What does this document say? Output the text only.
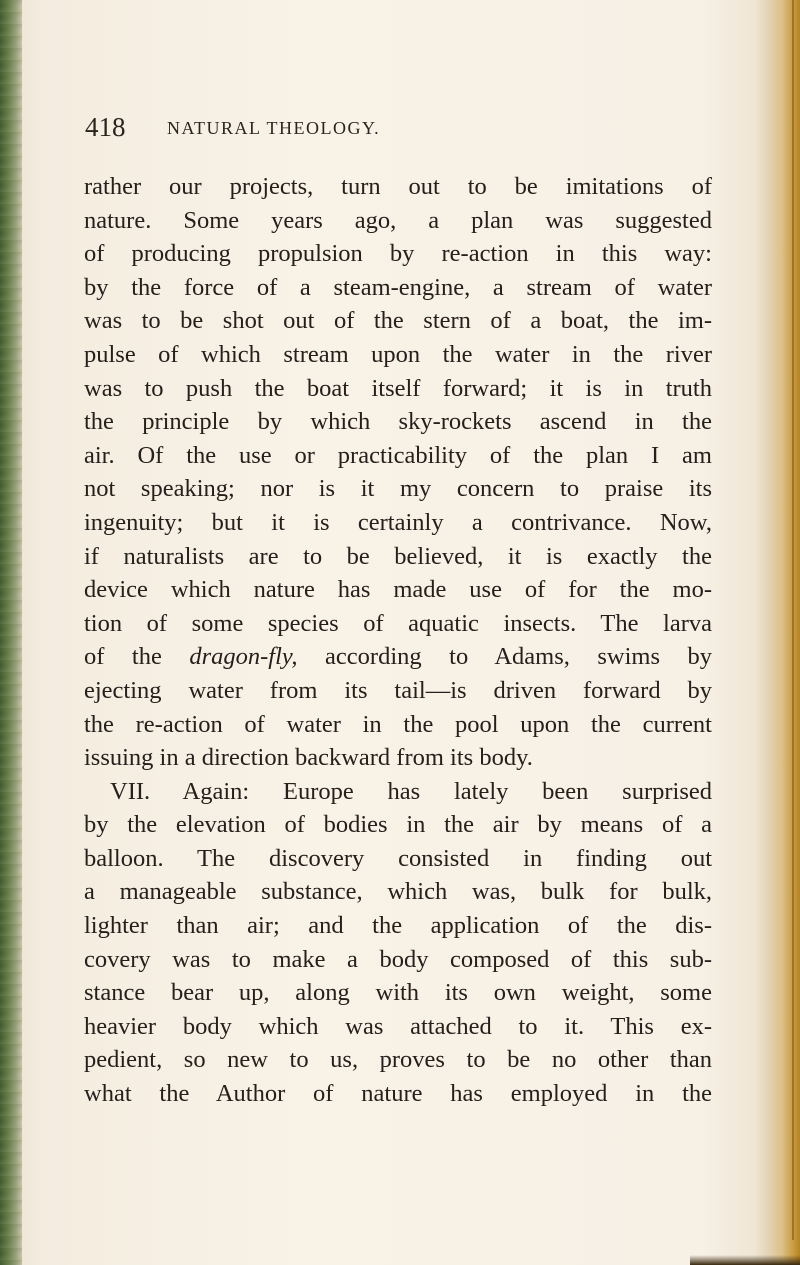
418 NATURAL THEOLOGY.
rather our projects, turn out to be imitations of
nature. Some years ago, a plan was suggested
of producing propulsion by re-action in this way:
by the force of a steam-engine, a stream of water
was to be shot out of the stern of a boat, the im-
pulse of which stream upon the water in the river
was to push the boat itself forward; it is in truth
the principle by which sky-rockets ascend in the
air. Of the use or practicability of the plan I am
not speaking; nor is it my concern to praise its
ingenuity; but it is certainly a contrivance. Now,
if naturalists are to be believed, it is exactly the
device which nature has made use of for the mo-
tion of some species of aquatic insects. The larva
of the dragon-fly, according to Adams, swims by
ejecting water from its tail—is driven forward by
the re-action of water in the pool upon the current
issuing in a direction backward from its body.
VII. Again: Europe has lately been surprised
by the elevation of bodies in the air by means of a
balloon. The discovery consisted in finding out
a manageable substance, which was, bulk for bulk,
lighter than air; and the application of the dis-
covery was to make a body composed of this sub-
stance bear up, along with its own weight, some
heavier body which was attached to it. This ex-
pedient, so new to us, proves to be no other than
what the Author of nature has employed in the
